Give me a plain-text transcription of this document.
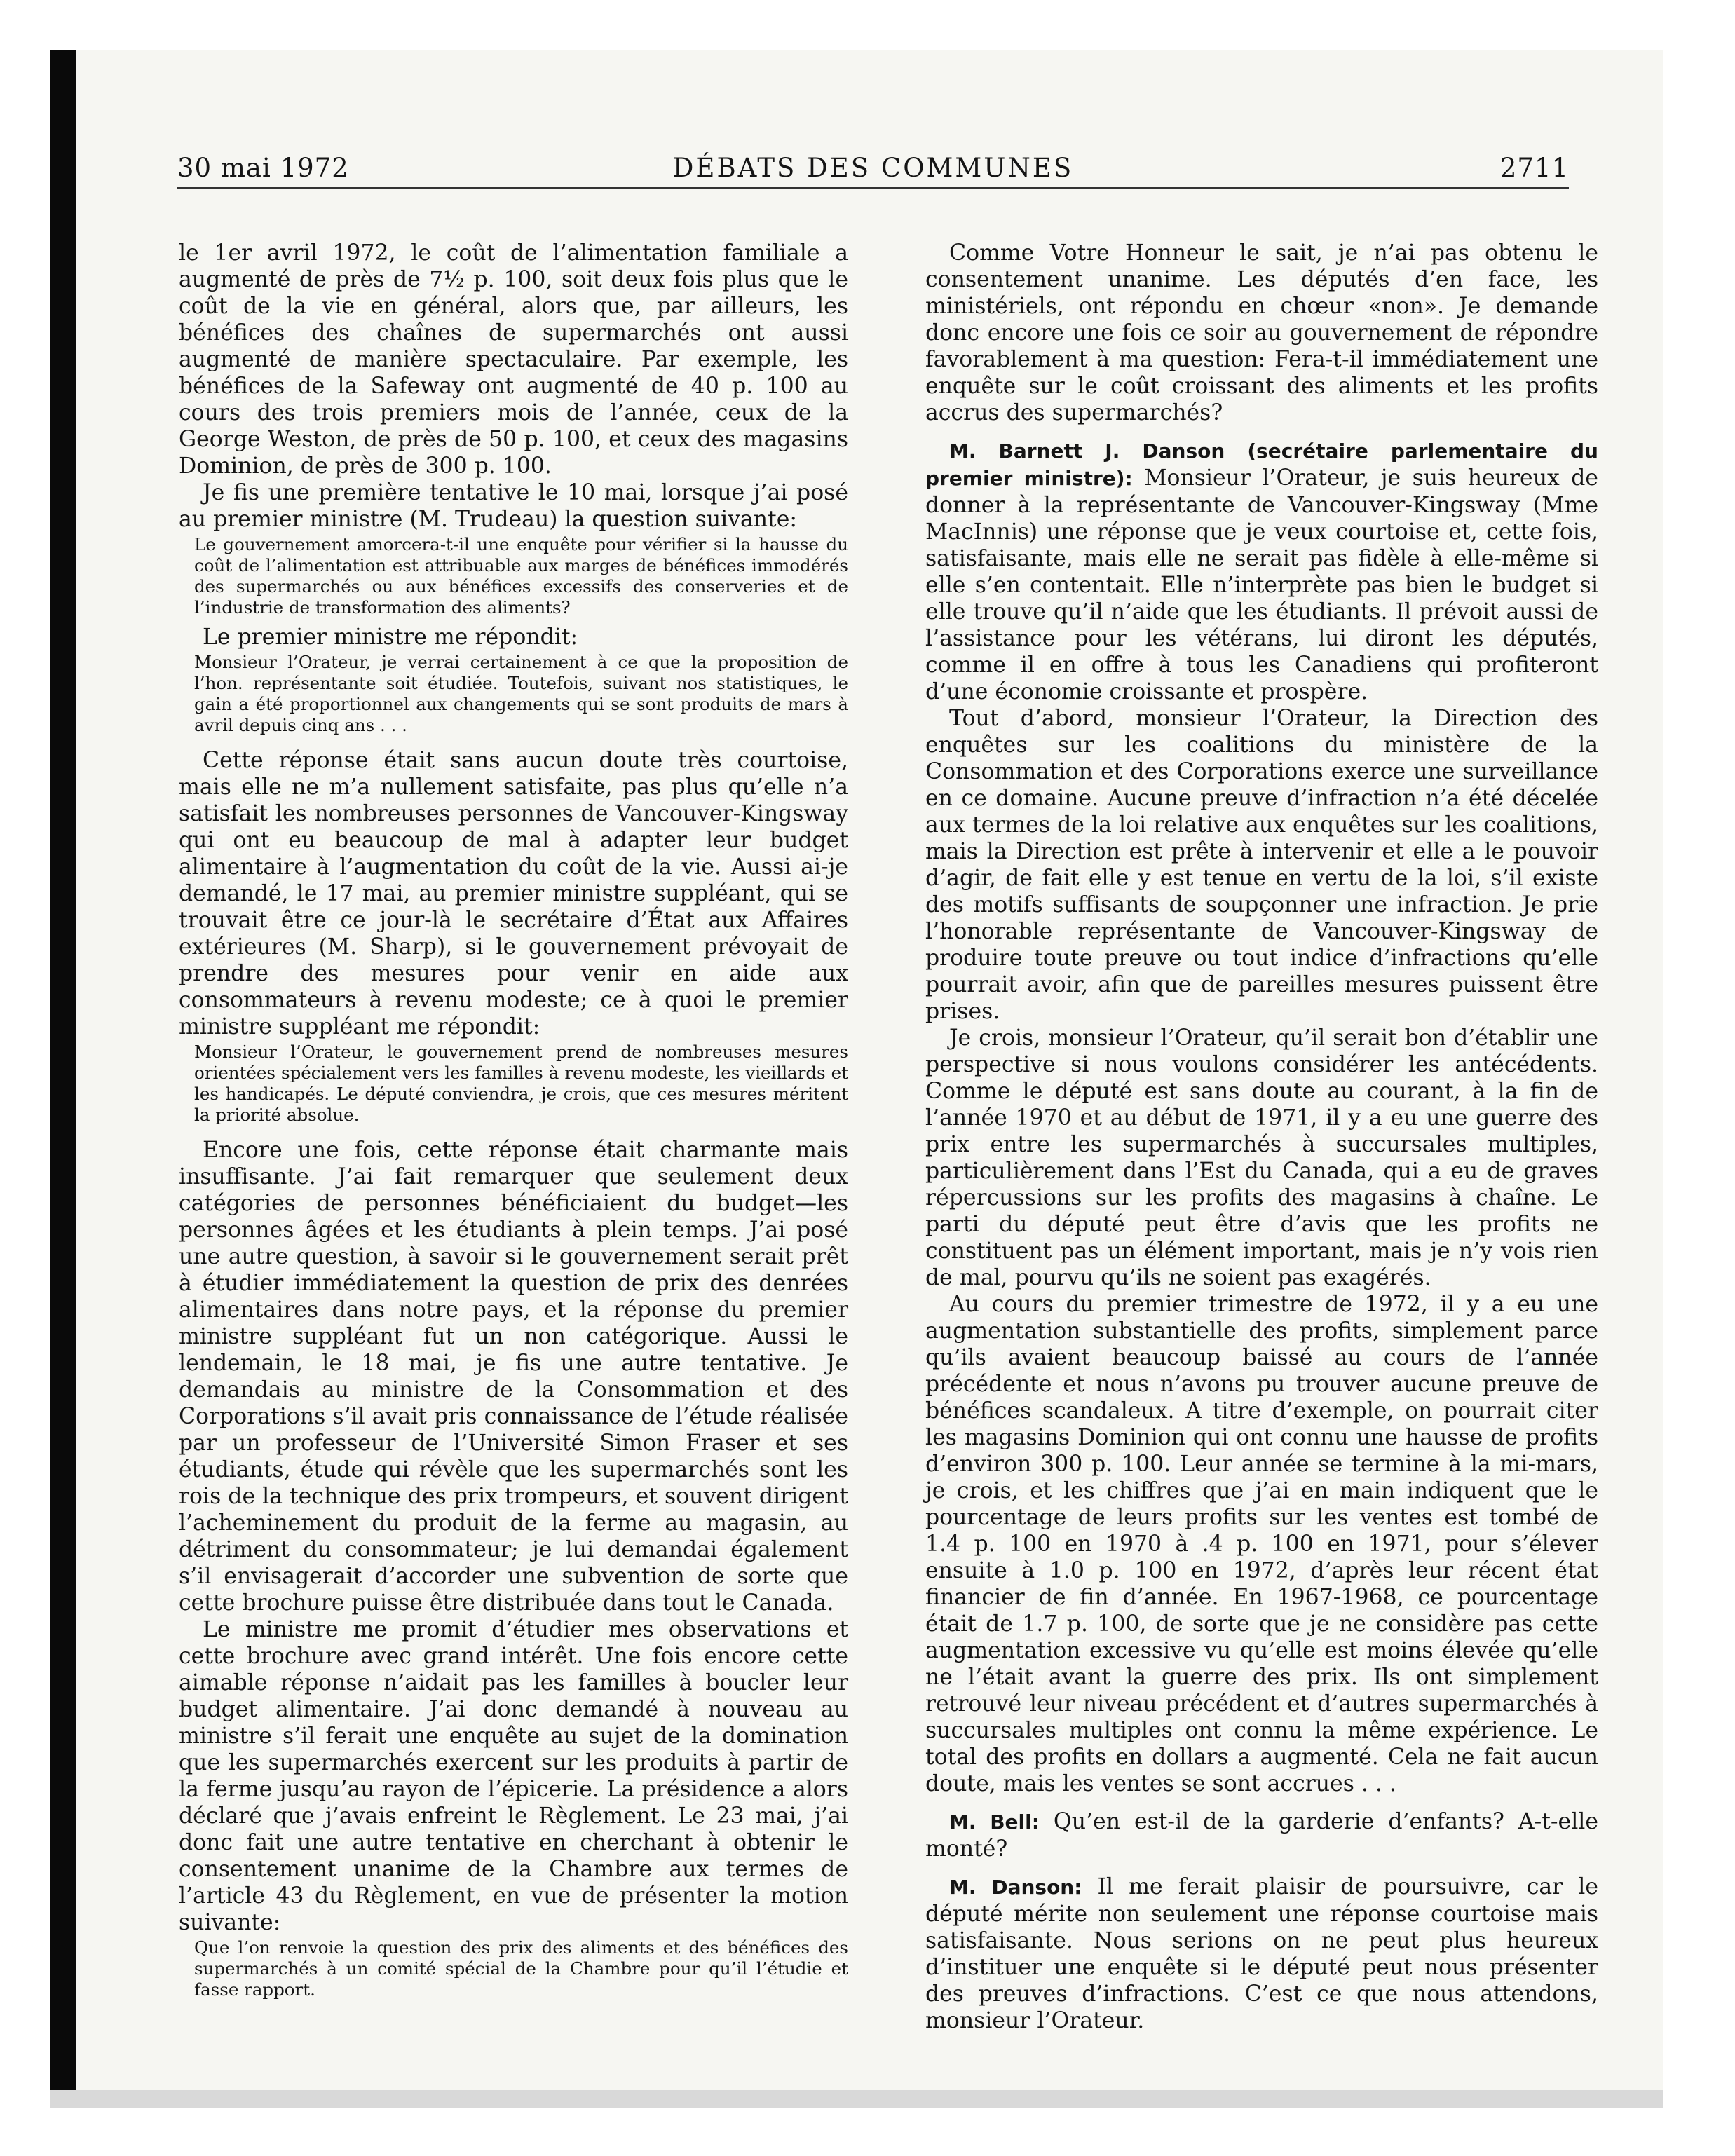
30 mai 1972	DÉBATS DES COMMUNES	2711

le 1er avril 1972, le coût de l’alimentation familiale a augmenté de près de 7½ p. 100, soit deux fois plus que le coût de la vie en général, alors que, par ailleurs, les bénéfices des chaînes de supermarchés ont aussi augmenté de manière spectaculaire. Par exemple, les bénéfices de la Safeway ont augmenté de 40 p. 100 au cours des trois premiers mois de l’année, ceux de la George Weston, de près de 50 p. 100, et ceux des magasins Dominion, de près de 300 p. 100.

Je fis une première tentative le 10 mai, lorsque j’ai posé au premier ministre (M. Trudeau) la question suivante:

Le gouvernement amorcera-t-il une enquête pour vérifier si la hausse du coût de l’alimentation est attribuable aux marges de bénéfices immodérés des supermarchés ou aux bénéfices excessifs des conserveries et de l’industrie de transformation des aliments?

Le premier ministre me répondit:

Monsieur l’Orateur, je verrai certainement à ce que la proposition de l’hon. représentante soit étudiée. Toutefois, suivant nos statistiques, le gain a été proportionnel aux changements qui se sont produits de mars à avril depuis cinq ans . . .

Cette réponse était sans aucun doute très courtoise, mais elle ne m’a nullement satisfaite, pas plus qu’elle n’a satisfait les nombreuses personnes de Vancouver-Kingsway qui ont eu beaucoup de mal à adapter leur budget alimentaire à l’augmentation du coût de la vie. Aussi ai-je demandé, le 17 mai, au premier ministre suppléant, qui se trouvait être ce jour-là le secrétaire d’État aux Affaires extérieures (M. Sharp), si le gouvernement prévoyait de prendre des mesures pour venir en aide aux consommateurs à revenu modeste; ce à quoi le premier ministre suppléant me répondit:

Monsieur l’Orateur, le gouvernement prend de nombreuses mesures orientées spécialement vers les familles à revenu modeste, les vieillards et les handicapés. Le député conviendra, je crois, que ces mesures méritent la priorité absolue.

Encore une fois, cette réponse était charmante mais insuffisante. J’ai fait remarquer que seulement deux catégories de personnes bénéficiaient du budget—les personnes âgées et les étudiants à plein temps. J’ai posé une autre question, à savoir si le gouvernement serait prêt à étudier immédiatement la question de prix des denrées alimentaires dans notre pays, et la réponse du premier ministre suppléant fut un non catégorique. Aussi le lendemain, le 18 mai, je fis une autre tentative. Je demandais au ministre de la Consommation et des Corporations s’il avait pris connaissance de l’étude réalisée par un professeur de l’Université Simon Fraser et ses étudiants, étude qui révèle que les supermarchés sont les rois de la technique des prix trompeurs, et souvent dirigent l’acheminement du produit de la ferme au magasin, au détriment du consommateur; je lui demandai également s’il envisagerait d’accorder une subvention de sorte que cette brochure puisse être distribuée dans tout le Canada.

Le ministre me promit d’étudier mes observations et cette brochure avec grand intérêt. Une fois encore cette aimable réponse n’aidait pas les familles à boucler leur budget alimentaire. J’ai donc demandé à nouveau au ministre s’il ferait une enquête au sujet de la domination que les supermarchés exercent sur les produits à partir de la ferme jusqu’au rayon de l’épicerie. La présidence a alors déclaré que j’avais enfreint le Règlement. Le 23 mai, j’ai donc fait une autre tentative en cherchant à obtenir le consentement unanime de la Chambre aux termes de l’article 43 du Règlement, en vue de présenter la motion suivante:

Que l’on renvoie la question des prix des aliments et des bénéfices des supermarchés à un comité spécial de la Chambre pour qu’il l’étudie et fasse rapport.

Comme Votre Honneur le sait, je n’ai pas obtenu le consentement unanime. Les députés d’en face, les ministériels, ont répondu en chœur «non». Je demande donc encore une fois ce soir au gouvernement de répondre favorablement à ma question: Fera-t-il immédiatement une enquête sur le coût croissant des aliments et les profits accrus des supermarchés?

M. Barnett J. Danson (secrétaire parlementaire du premier ministre): Monsieur l’Orateur, je suis heureux de donner à la représentante de Vancouver-Kingsway (Mme MacInnis) une réponse que je veux courtoise et, cette fois, satisfaisante, mais elle ne serait pas fidèle à elle-même si elle s’en contentait. Elle n’interprète pas bien le budget si elle trouve qu’il n’aide que les étudiants. Il prévoit aussi de l’assistance pour les vétérans, lui diront les députés, comme il en offre à tous les Canadiens qui profiteront d’une économie croissante et prospère.

Tout d’abord, monsieur l’Orateur, la Direction des enquêtes sur les coalitions du ministère de la Consommation et des Corporations exerce une surveillance en ce domaine. Aucune preuve d’infraction n’a été décelée aux termes de la loi relative aux enquêtes sur les coalitions, mais la Direction est prête à intervenir et elle a le pouvoir d’agir, de fait elle y est tenue en vertu de la loi, s’il existe des motifs suffisants de soupçonner une infraction. Je prie l’honorable représentante de Vancouver-Kingsway de produire toute preuve ou tout indice d’infractions qu’elle pourrait avoir, afin que de pareilles mesures puissent être prises.

Je crois, monsieur l’Orateur, qu’il serait bon d’établir une perspective si nous voulons considérer les antécédents. Comme le député est sans doute au courant, à la fin de l’année 1970 et au début de 1971, il y a eu une guerre des prix entre les supermarchés à succursales multiples, particulièrement dans l’Est du Canada, qui a eu de graves répercussions sur les profits des magasins à chaîne. Le parti du député peut être d’avis que les profits ne constituent pas un élément important, mais je n’y vois rien de mal, pourvu qu’ils ne soient pas exagérés.

Au cours du premier trimestre de 1972, il y a eu une augmentation substantielle des profits, simplement parce qu’ils avaient beaucoup baissé au cours de l’année précédente et nous n’avons pu trouver aucune preuve de bénéfices scandaleux. A titre d’exemple, on pourrait citer les magasins Dominion qui ont connu une hausse de profits d’environ 300 p. 100. Leur année se termine à la mi-mars, je crois, et les chiffres que j’ai en main indiquent que le pourcentage de leurs profits sur les ventes est tombé de 1.4 p. 100 en 1970 à .4 p. 100 en 1971, pour s’élever ensuite à 1.0 p. 100 en 1972, d’après leur récent état financier de fin d’année. En 1967-1968, ce pourcentage était de 1.7 p. 100, de sorte que je ne considère pas cette augmentation excessive vu qu’elle est moins élevée qu’elle ne l’était avant la guerre des prix. Ils ont simplement retrouvé leur niveau précédent et d’autres supermarchés à succursales multiples ont connu la même expérience. Le total des profits en dollars a augmenté. Cela ne fait aucun doute, mais les ventes se sont accrues . . .

M. Bell: Qu’en est-il de la garderie d’enfants? A-t-elle monté?

M. Danson: Il me ferait plaisir de poursuivre, car le député mérite non seulement une réponse courtoise mais satisfaisante. Nous serions on ne peut plus heureux d’instituer une enquête si le député peut nous présenter des preuves d’infractions. C’est ce que nous attendons, monsieur l’Orateur.
